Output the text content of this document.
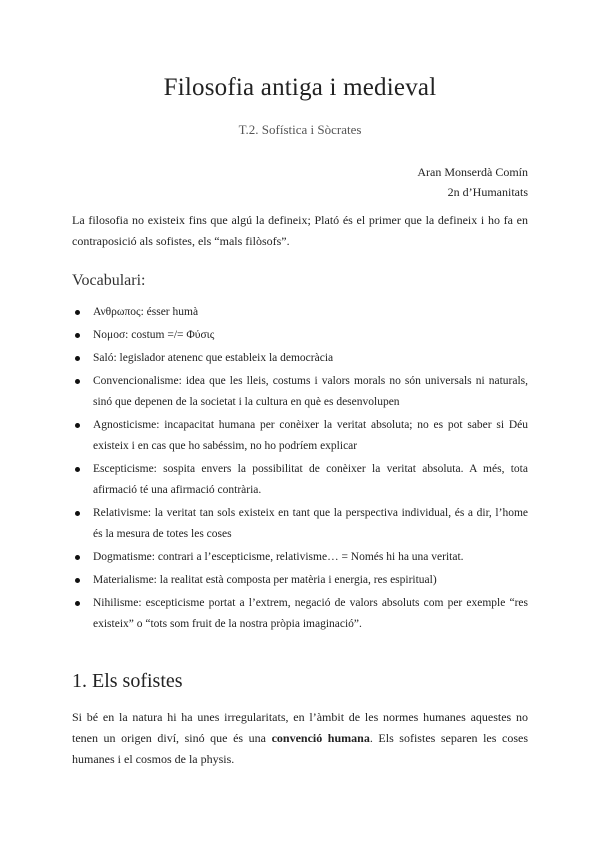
Filosofia antiga i medieval
T.2. Sofística i Sòcrates
Aran Monserdà Comín
2n d’Humanitats

La filosofia no existeix fins que algú la defineix; Plató és el primer que la defineix i ho fa en contraposició als sofistes, els “mals filòsofs”.

Vocabulari:
Ανθρωπος: ésser humà
Νομοσ: costum =/= Φύσις
Saló: legislador atenenc que estableix la democràcia
Convencionalisme: idea que les lleis, costums i valors morals no són universals ni naturals, sinó que depenen de la societat i la cultura en què es desenvolupen
Agnosticisme: incapacitat humana per conèixer la veritat absoluta; no es pot saber si Déu existeix i en cas que ho sabéssim, no ho podríem explicar
Escepticisme: sospita envers la possibilitat de conèixer la veritat absoluta. A més, tota afirmació té una afirmació contrària.
Relativisme: la veritat tan sols existeix en tant que la perspectiva individual, és a dir, l’home és la mesura de totes les coses
Dogmatisme: contrari a l’escepticisme, relativisme… = Només hi ha una veritat.
Materialisme: la realitat està composta per matèria i energia, res espiritual)
Nihilisme: escepticisme portat a l’extrem, negació de valors absoluts com per exemple “res existeix” o “tots som fruit de la nostra pròpia imaginació”.
1. Els sofistes

Si bé en la natura hi ha unes irregularitats, en l’àmbit de les normes humanes aquestes no tenen un origen diví, sinó que és una convenció humana. Els sofistes separen les coses humanes i el cosmos de la physis.
